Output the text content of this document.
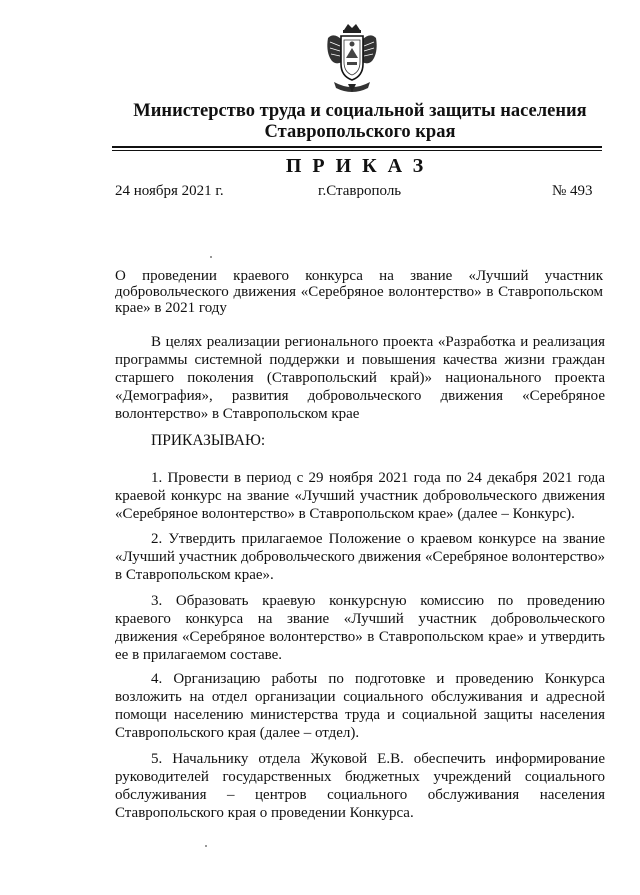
Министерство труда и социальной защиты населения Ставропольского края
ПРИКАЗ
24 ноября 2021 г.	г.Ставрополь	№ 493
О проведении краевого конкурса на звание «Лучший участник добровольческого движения «Серебряное волонтерство» в Ставропольском крае» в 2021 году
В целях реализации регионального проекта «Разработка и реализация программы системной поддержки и повышения качества жизни граждан старшего поколения (Ставропольский край)» национального проекта «Демография», развития добровольческого движения «Серебряное волонтерство» в Ставропольском крае
ПРИКАЗЫВАЮ:
1. Провести в период с 29 ноября 2021 года по 24 декабря 2021 года краевой конкурс на звание «Лучший участник добровольческого движения «Серебряное волонтерство» в Ставропольском крае» (далее – Конкурс).
2. Утвердить прилагаемое Положение о краевом конкурсе на звание «Лучший участник добровольческого движения «Серебряное волонтерство» в Ставропольском крае».
3. Образовать краевую конкурсную комиссию по проведению краевого конкурса на звание «Лучший участник добровольческого движения «Серебряное волонтерство» в Ставропольском крае» и утвердить ее в прилагаемом составе.
4. Организацию работы по подготовке и проведению Конкурса возложить на отдел организации социального обслуживания и адресной помощи населению министерства труда и социальной защиты населения Ставропольского края (далее – отдел).
5. Начальнику отдела Жуковой Е.В. обеспечить информирование руководителей государственных бюджетных учреждений социального обслуживания – центров социального обслуживания населения Ставропольского края о проведении Конкурса.
